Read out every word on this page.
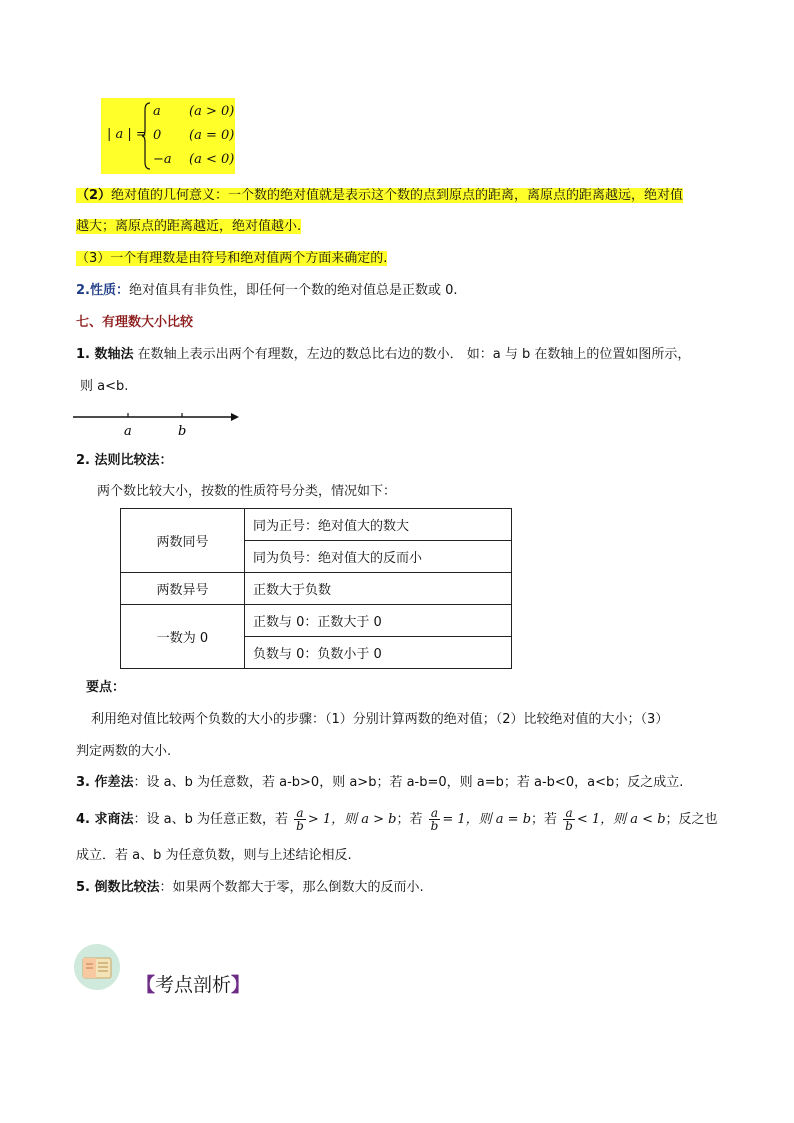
| a | =
a (a > 0)
0 (a = 0)
−a (a < 0)
（2）绝对值的几何意义：一个数的绝对值就是表示这个数的点到原点的距离，离原点的距离越远，绝对值
越大；离原点的距离越近，绝对值越小.
（3）一个有理数是由符号和绝对值两个方面来确定的.
2.性质：绝对值具有非负性，即任何一个数的绝对值总是正数或 0.
七、有理数大小比较
1. 数轴法 在数轴上表示出两个有理数，左边的数总比右边的数小． 如：a 与 b 在数轴上的位置如图所示，
则 a<b.
a	b
2. 法则比较法：
两个数比较大小，按数的性质符号分类，情况如下：
两数同号	同为正号：绝对值大的数大
	同为负号：绝对值大的反而小
两数异号	正数大于负数
一数为 0	正数与 0：正数大于 0
	负数与 0：负数小于 0
要点：
利用绝对值比较两个负数的大小的步骤：（1）分别计算两数的绝对值；（2）比较绝对值的大小；（3）
判定两数的大小.
3. 作差法：设 a、b 为任意数，若 a-b>0，则 a>b；若 a-b=0，则 a=b；若 a-b<0，a<b；反之成立.
4. 求商法：设 a、b 为任意正数，若 $\frac{a}{b} > 1$，则 a > b；若 $\frac{a}{b} = 1$，则 a = b；若 $\frac{a}{b} < 1$，则 a < b；反之也
成立．若 a、b 为任意负数，则与上述结论相反.
5. 倒数比较法：如果两个数都大于零，那么倒数大的反而小.
【考点剖析】
